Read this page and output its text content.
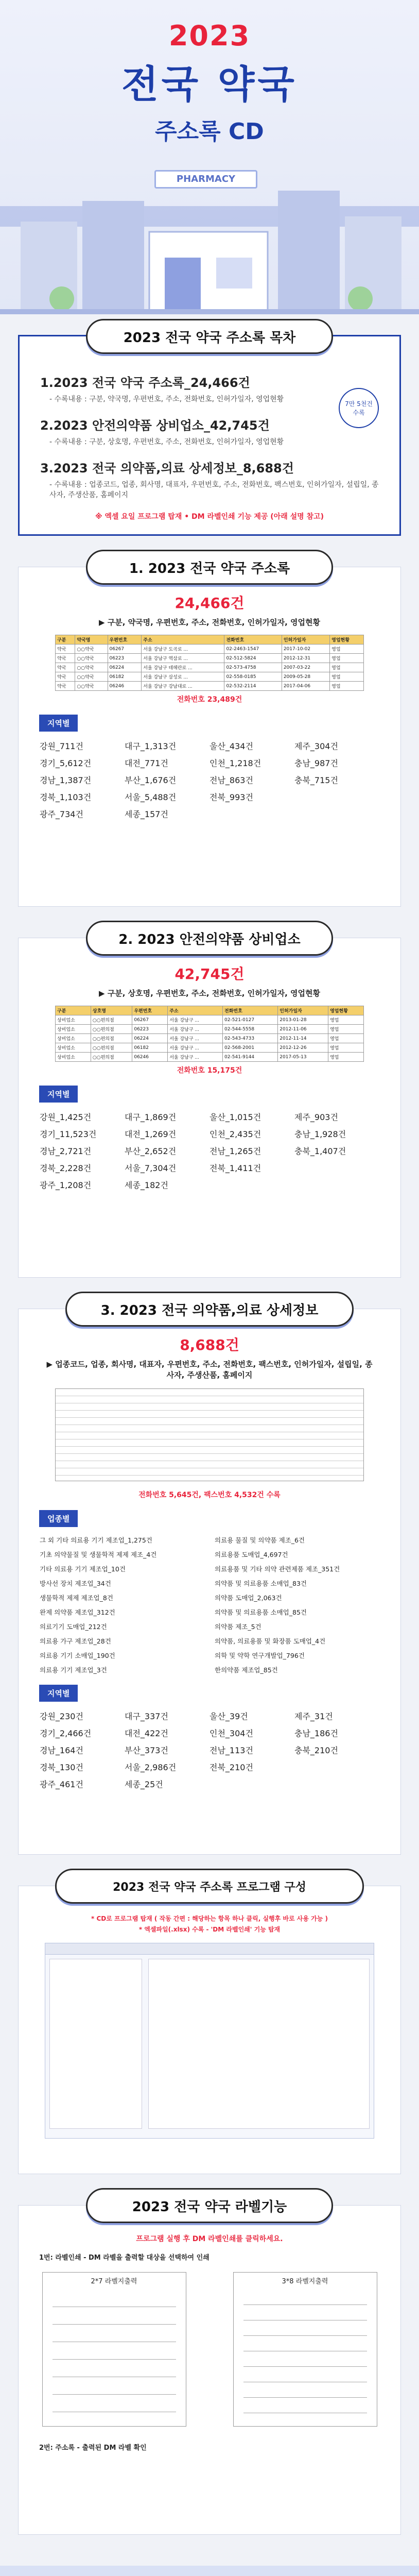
2023
전국 약국
주소록 CD
PHARMACY
2023 전국 약국 주소록 목차
1.2023 전국 약국 주소록_24,466건
- 수록내용 : 구분, 약국명, 우편번호, 주소, 전화번호, 인허가일자, 영업현황
2.2023 안전의약품 상비업소_42,745건
- 수록내용 : 구분, 상호명, 우편번호, 주소, 전화번호, 인허가일자, 영업현황
3.2023 전국 의약품,의료 상세정보_8,688건
- 수록내용 : 업종코드, 업종, 회사명, 대표자, 우편번호, 주소, 전화번호, 팩스번호, 인허가일자, 설립일, 종사자, 주생산품, 홈페이지
7만 5천건 수록
※ 엑셀 요일 프로그램 탑재 • DM 라벨인쇄 기능 제공 (아래 설명 참고)
1. 2023 전국 약국 주소록
24,466건
▶ 구분, 약국명, 우편번호, 주소, 전화번호, 인허가일자, 영업현황
구분	약국명	우편번호	주소	전화번호	인허가일자	영업현황
약국	○○약국	06267	서울 강남구 도곡로 ...	02-2463-1547	2017-10-02	영업
약국	○○약국	06223	서울 강남구 역삼로 ...	02-512-5824	2012-12-31	영업
약국	○○약국	06224	서울 강남구 테헤란로 ...	02-573-4758	2007-03-22	영업
약국	○○약국	06182	서울 강남구 삼성로 ...	02-558-0185	2009-05-28	영업
약국	○○약국	06246	서울 강남구 강남대로 ...	02-532-2114	2017-04-06	영업
전화번호 23,489건
지역별
강원_711건	대구_1,313건	울산_434건	제주_304건
경기_5,612건	대전_771건	인천_1,218건	충남_987건
경남_1,387건	부산_1,676건	전남_863건	충북_715건
경북_1,103건	서울_5,488건	전북_993건
광주_734건	세종_157건
2. 2023 안전의약품 상비업소
42,745건
▶ 구분, 상호명, 우편번호, 주소, 전화번호, 인허가일자, 영업현황
구분	상호명	우편번호	주소	전화번호	인허가일자	영업현황
상비업소	○○편의점	06267	서울 강남구 ...	02-521-0127	2013-01-28	영업
상비업소	○○편의점	06223	서울 강남구 ...	02-544-5558	2012-11-06	영업
상비업소	○○편의점	06224	서울 강남구 ...	02-543-4733	2012-11-14	영업
상비업소	○○편의점	06182	서울 강남구 ...	02-568-2001	2012-12-26	영업
상비업소	○○편의점	06246	서울 강남구 ...	02-541-9144	2017-05-13	영업
전화번호 15,175건
지역별
강원_1,425건	대구_1,869건	울산_1,015건	제주_903건
경기_11,523건	대전_1,269건	인천_2,435건	충남_1,928건
경남_2,721건	부산_2,652건	전남_1,265건	충북_1,407건
경북_2,228건	서울_7,304건	전북_1,411건
광주_1,208건	세종_182건
3. 2023 전국 의약품,의료 상세정보
8,688건
▶ 업종코드, 업종, 회사명, 대표자, 우편번호, 주소, 전화번호, 팩스번호, 인허가일자, 설립일, 종사자, 주생산품, 홈페이지
전화번호 5,645건, 팩스번호 4,532건 수록
업종별
그 외 기타 의료용 기기 제조업_1,275건	의료용 물질 및 의약품 제조_6건
기초 의약물질 및 생물학적 제제 제조_4건	의료용품 도매업_4,697건
기타 의료용 기기 제조업_10건	의료용품 및 기타 의약 관련제품 제조_351건
방사선 장치 제조업_34건	의약품 및 의료용품 소매업_83건
생물학적 제제 제조업_8건	의약품 도매업_2,063건
완제 의약품 제조업_312건	의약품 및 의료용품 소매업_85건
의료기기 도매업_212건	의약품 제조_5건
의료용 가구 제조업_28건	의약품, 의료용품 및 화장품 도매업_4건
의료용 기기 소매업_190건	의학 및 약학 연구개발업_796건
의료용 기기 제조업_3건	한의약품 제조업_85건
지역별
강원_230건	대구_337건	울산_39건	제주_31건
경기_2,466건	대전_422건	인천_304건	충남_186건
경남_164건	부산_373건	전남_113건	충북_210건
경북_130건	서울_2,986건	전북_210건
광주_461건	세종_25건
2023 전국 약국 주소록 프로그램 구성
* CD로 프로그램 탑재 ( 작동 간편 : 해당하는 항목 하나 클릭, 실행후 바로 사용 가능 )
* 엑셀파일(.xlsx) 수록 - 'DM 라벨인쇄' 기능 탑재
2023 전국 약국 라벨기능
프로그램 실행 후 DM 라벨인쇄를 클릭하세요.
1번: 라벨인쇄 - DM 라벨을 출력할 대상을 선택하여 인쇄
2*7 라벨지출력	3*8 라벨지출력
2번: 주소록 - 출력된 DM 라벨 확인
